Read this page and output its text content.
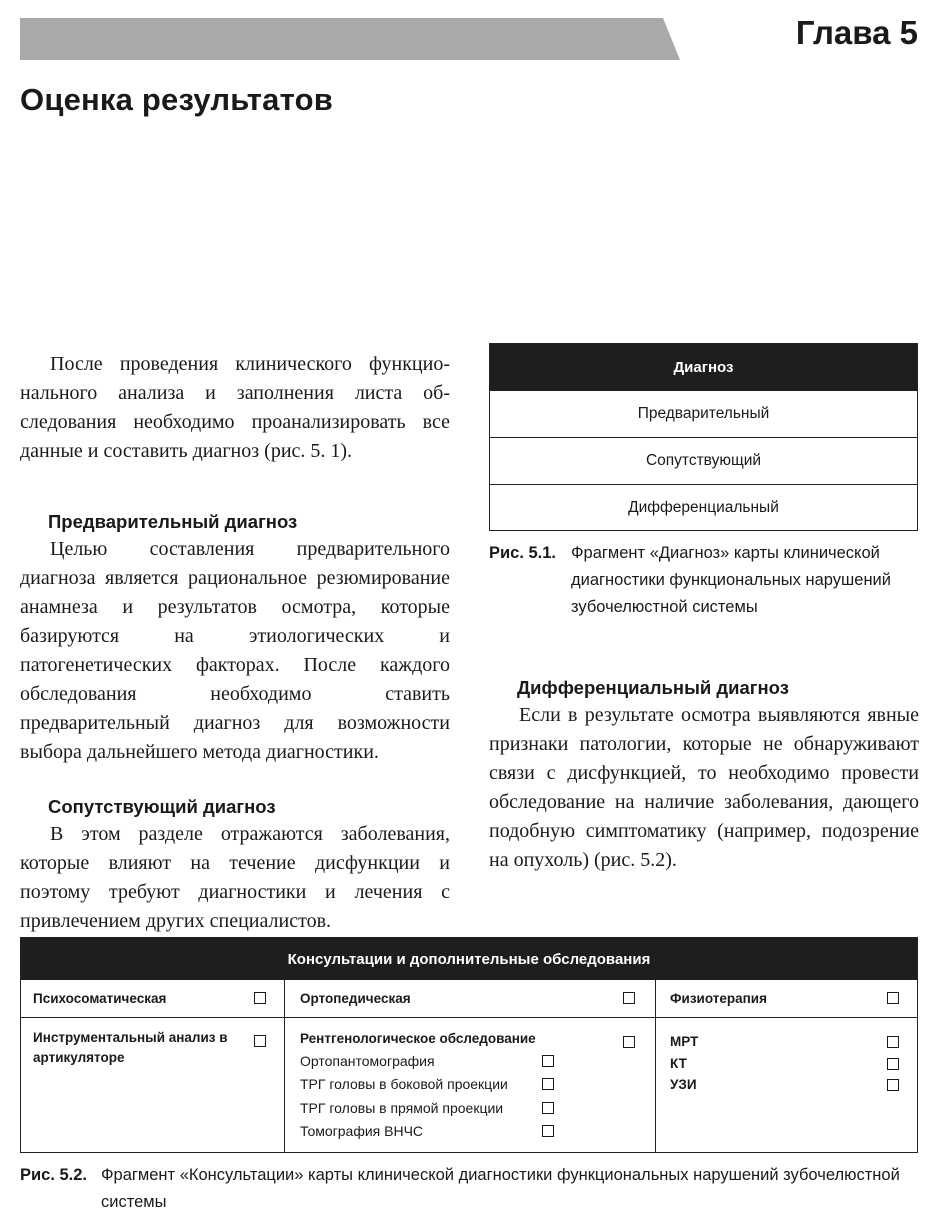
Глава 5
Оценка результатов

После проведения клинического функционального анализа и заполнения листа обследования необходимо проанализировать все данные и составить диагноз (рис. 5. 1).

Предварительный диагноз

Целью составления предварительного диагноза является рациональное резюмирование анамнеза и результатов осмотра, которые базируются на этиологических и патогенетических факторах. После каждого обследования необходимо ставить предварительный диагноз для возможности выбора дальнейшего метода диагностики.

Сопутствующий диагноз

В этом разделе отражаются заболевания, которые влияют на течение дисфункции и поэтому требуют диагностики и лечения с привлечением других специалистов.

Диагноз
Предварительный
Сопутствующий
Дифференциальный
Рис. 5.1. Фрагмент «Диагноз» карты клинической диагностики функциональных нарушений зубочелюстной системы
Дифференциальный диагноз

Если в результате осмотра выявляются явные признаки патологии, которые не обнаруживают связи с дисфункцией, то необходимо провести обследование на наличие заболевания, дающего подобную симптоматику (например, подозрение на опухоль) (рис. 5.2).

Консультации и дополнительные обследования
Психосоматическая	Ортопедическая	Физиотерапия
Инструментальный анализ в артикуляторе
Рентгенологическое обследование
Ортопантомография
ТРГ головы в боковой проекции
ТРГ головы в прямой проекции
Томография ВНЧС
МРТ
КТ
УЗИ
Рис. 5.2. Фрагмент «Консультации» карты клинической диагностики функциональных нарушений зубочелюстной системы
